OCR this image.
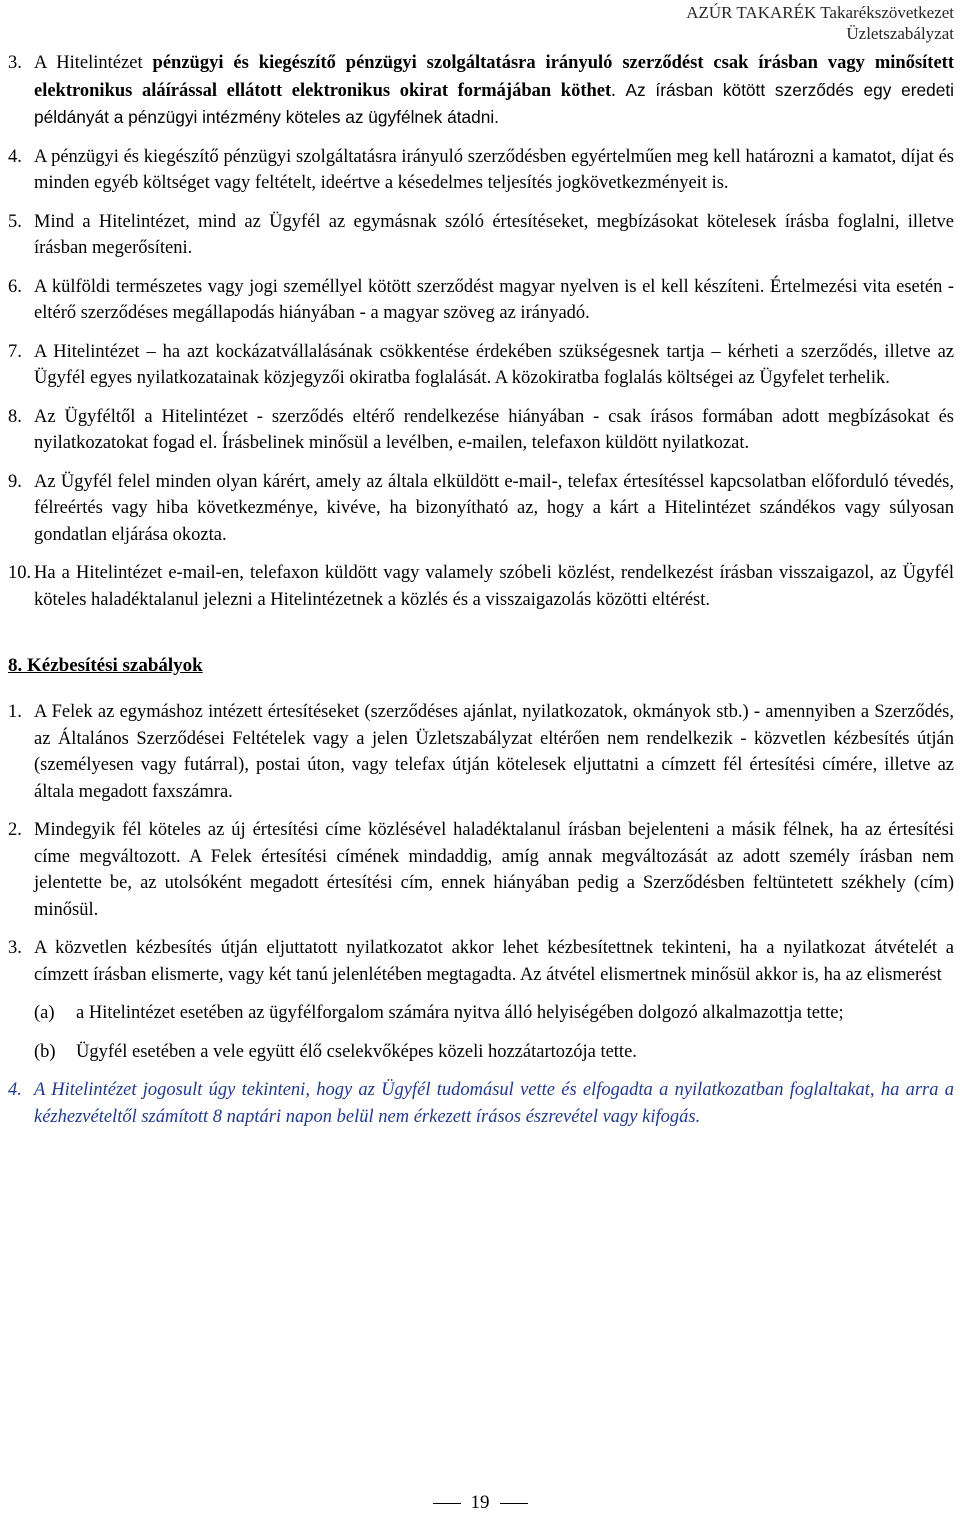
AZÚR TAKARÉK Takarékszövetkezet
Üzletszabályzat
3. A Hitelintézet pénzügyi és kiegészítő pénzügyi szolgáltatásra irányuló szerződést csak írásban vagy minősített elektronikus aláírással ellátott elektronikus okirat formájában köthet. Az írásban kötött szerződés egy eredeti példányát a pénzügyi intézmény köteles az ügyfélnek átadni.
4. A pénzügyi és kiegészítő pénzügyi szolgáltatásra irányuló szerződésben egyértelműen meg kell határozni a kamatot, díjat és minden egyéb költséget vagy feltételt, ideértve a késedelmes teljesítés jogkövetkezményeit is.
5. Mind a Hitelintézet, mind az Ügyfél az egymásnak szóló értesítéseket, megbízásokat kötelesek írásba foglalni, illetve írásban megerősíteni.
6. A külföldi természetes vagy jogi személlyel kötött szerződést magyar nyelven is el kell készíteni. Értelmezési vita esetén - eltérő szerződéses megállapodás hiányában - a magyar szöveg az irányadó.
7. A Hitelintézet – ha azt kockázatvállalásának csökkentése érdekében szükségesnek tartja – kérheti a szerződés, illetve az Ügyfél egyes nyilatkozatainak közjegyzői okiratba foglalását. A közokiratba foglalás költségei az Ügyfelet terhelik.
8. Az Ügyféltől a Hitelintézet - szerződés eltérő rendelkezése hiányában - csak írásos formában adott megbízásokat és nyilatkozatokat fogad el. Írásbelinek minősül a levélben, e-mailen, telefaxon küldött nyilatkozat.
9. Az Ügyfél felel minden olyan kárért, amely az általa elküldött e-mail-, telefax értesítéssel kapcsolatban előforduló tévedés, félreértés vagy hiba következménye, kivéve, ha bizonyítható az, hogy a kárt a Hitelintézet szándékos vagy súlyosan gondatlan eljárása okozta.
10. Ha a Hitelintézet e-mail-en, telefaxon küldött vagy valamely szóbeli közlést, rendelkezést írásban visszaigazol, az Ügyfél köteles haladéktalanul jelezni a Hitelintézetnek a közlés és a visszaigazolás közötti eltérést.
8. Kézbesítési szabályok
1. A Felek az egymáshoz intézett értesítéseket (szerződéses ajánlat, nyilatkozatok, okmányok stb.) - amennyiben a Szerződés, az Általános Szerződései Feltételek vagy a jelen Üzletszabályzat eltérően nem rendelkezik - közvetlen kézbesítés útján (személyesen vagy futárral), postai úton, vagy telefax útján kötelesek eljuttatni a címzett fél értesítési címére, illetve az általa megadott faxszámra.
2. Mindegyik fél köteles az új értesítési címe közlésével haladéktalanul írásban bejelenteni a másik félnek, ha az értesítési címe megváltozott. A Felek értesítési címének mindaddig, amíg annak megváltozását az adott személy írásban nem jelentette be, az utolsóként megadott értesítési cím, ennek hiányában pedig a Szerződésben feltüntetett székhely (cím) minősül.
3. A közvetlen kézbesítés útján eljuttatott nyilatkozatot akkor lehet kézbesítettnek tekinteni, ha a nyilatkozat átvételét a címzett írásban elismerte, vagy két tanú jelenlétében megtagadta. Az átvétel elismertnek minősül akkor is, ha az elismerést
(a)	a Hitelintézet esetében az ügyfélforgalom számára nyitva álló helyiségében dolgozó alkalmazottja tette;
(b)	Ügyfél esetében a vele együtt élő cselekvőképes közeli hozzátartozója tette.
4. A Hitelintézet jogosult úgy tekinteni, hogy az Ügyfél tudomásul vette és elfogadta a nyilatkozatban foglaltakat, ha arra a kézhezvételtől számított 8 naptári napon belül nem érkezett írásos észrevétel vagy kifogás.
19
